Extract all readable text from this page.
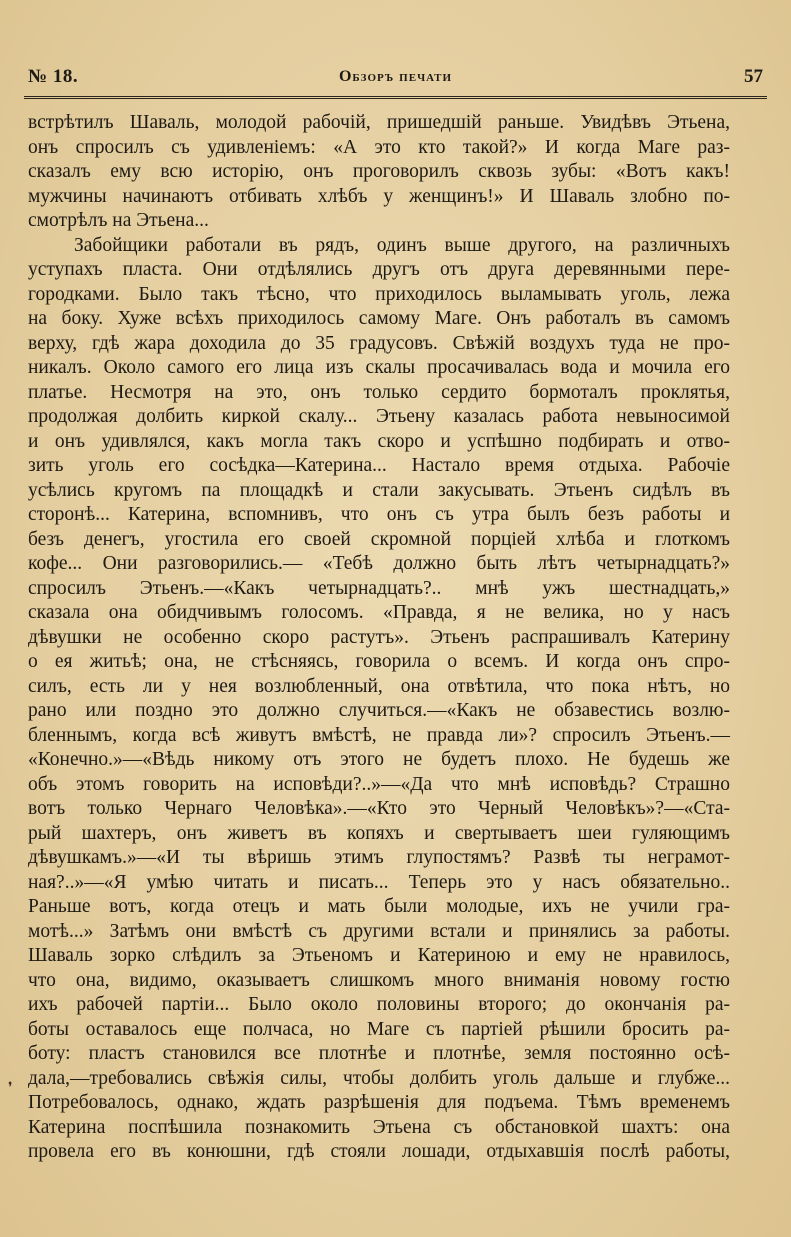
№ 18.	Обзоръ печати	57
встрѣтилъ Шаваль, молодой рабочій, пришедшій раньше. Увидѣвъ Этьена,
онъ спросилъ съ удивленіемъ: «А это кто такой?» И когда Маге раз-
сказалъ ему всю исторію, онъ проговорилъ сквозь зубы: «Вотъ какъ!
мужчины начинаютъ отбивать хлѣбъ у женщинъ!» И Шаваль злобно по-
смотрѣлъ на Этьена...
Забойщики работали въ рядъ, одинъ выше другого, на различныхъ
уступахъ пласта. Они отдѣлялись другъ отъ друга деревянными пере-
городками. Было такъ тѣсно, что приходилось выламывать уголь, лежа
на боку. Хуже всѣхъ приходилось самому Маге. Онъ работалъ въ самомъ
верху, гдѣ жара доходила до 35 градусовъ. Свѣжій воздухъ туда не про-
никалъ. Около самого его лица изъ скалы просачивалась вода и мочила его
платье. Несмотря на это, онъ только сердито бормоталъ проклятья,
продолжая долбить киркой скалу... Этьену казалась работа невыносимой
и онъ удивлялся, какъ могла такъ скоро и успѣшно подбирать и отво-
зить уголь его сосѣдка—Катерина... Настало время отдыха. Рабочіе
усѣлись кругомъ па площадкѣ и стали закусывать. Этьенъ сидѣлъ въ
сторонѣ... Катерина, вспомнивъ, что онъ съ утра былъ безъ работы и
безъ денегъ, угостила его своей скромной порціей хлѣба и глоткомъ
кофе... Они разговорились.— «Тебѣ должно быть лѣтъ четырнадцать?»
спросилъ Этьенъ.—«Какъ четырнадцать?.. мнѣ ужъ шестнадцать,»
сказала она обидчивымъ голосомъ. «Правда, я не велика, но у насъ
дѣвушки не особенно скоро растутъ». Этьенъ распрашивалъ Катерину
о ея житьѣ; она, не стѣсняясь, говорила о всемъ. И когда онъ спро-
силъ, есть ли у нея возлюбленный, она отвѣтила, что пока нѣтъ, но
рано или поздно это должно случиться.—«Какъ не обзавестись возлю-
бленнымъ, когда всѣ живутъ вмѣстѣ, не правда ли»? спросилъ Этьенъ.—
«Конечно.»—«Вѣдь никому отъ этого не будетъ плохо. Не будешь же
объ этомъ говорить на исповѣди?..»—«Да что мнѣ исповѣдь? Страшно
вотъ только Чернаго Человѣка».—«Кто это Черный Человѣкъ»?—«Ста-
рый шахтеръ, онъ живетъ въ копяхъ и свертываетъ шеи гуляющимъ
дѣвушкамъ.»—«И ты вѣришь этимъ глупостямъ? Развѣ ты неграмот-
ная?..»—«Я умѣю читать и писать... Теперь это у насъ обязательно..
Раньше вотъ, когда отецъ и мать были молодые, ихъ не учили гра-
мотѣ...» Затѣмъ они вмѣстѣ съ другими встали и принялись за работы.
Шаваль зорко слѣдилъ за Этьеномъ и Катериною и ему не нравилось,
что она, видимо, оказываетъ слишкомъ много вниманія новому гостю
ихъ рабочей партіи... Было около половины второго; до окончанія ра-
боты оставалось еще полчаса, но Маге съ партіей рѣшили бросить ра-
боту: пластъ становился все плотнѣе и плотнѣе, земля постоянно осѣ-
дала,—требовались свѣжія силы, чтобы долбить уголь дальше и глубже...
Потребовалось, однако, ждать разрѣшенія для подъема. Тѣмъ временемъ
Катерина поспѣшила познакомить Этьена съ обстановкой шахтъ: она
провела его въ конюшни, гдѣ стояли лошади, отдыхавшія послѣ работы,
❜
